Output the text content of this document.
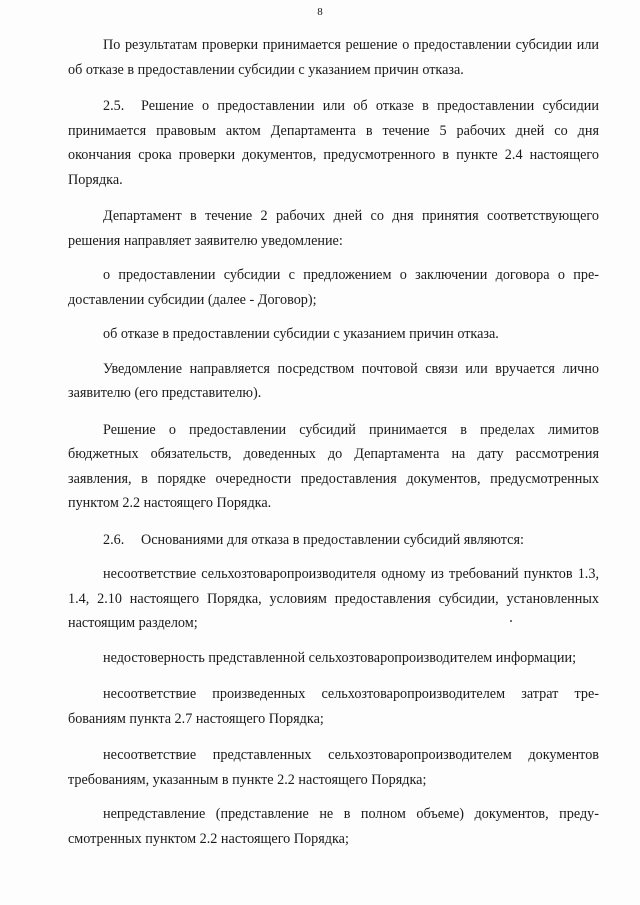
8

По результатам проверки принимается решение о предоставлении субсидии или об отказе в предоставлении субсидии с указанием причин отказа.

2.5. Решение о предоставлении или об отказе в предоставлении субсидии принимается правовым актом Департамента в течение 5 рабочих дней со дня окончания срока проверки документов, предусмотренного в пункте 2.4 настоящего Порядка.

Департамент в течение 2 рабочих дней со дня принятия соответствующего решения направляет заявителю уведомление:

о предоставлении субсидии с предложением о заключении договора о предоставлении субсидии (далее - Договор);

об отказе в предоставлении субсидии с указанием причин отказа.

Уведомление направляется посредством почтовой связи или вручается лично заявителю (его представителю).

Решение о предоставлении субсидий принимается в пределах лимитов бюджетных обязательств, доведенных до Департамента на дату рассмотрения заявления, в порядке очередности предоставления документов, предусмотренных пунктом 2.2 настоящего Порядка.

2.6. Основаниями для отказа в предоставлении субсидий являются:

несоответствие сельхозтоваропроизводителя одному из требований пунктов 1.3, 1.4, 2.10 настоящего Порядка, условиям предоставления субсидии, установленных настоящим разделом;

недостоверность представленной сельхозтоваропроизводителем информации;

несоответствие произведенных сельхозтоваропроизводителем затрат требованиям пункта 2.7 настоящего Порядка;

несоответствие представленных сельхозтоваропроизводителем документов требованиям, указанным в пункте 2.2 настоящего Порядка;

непредставление (представление не в полном объеме) документов, предусмотренных пунктом 2.2 настоящего Порядка;
